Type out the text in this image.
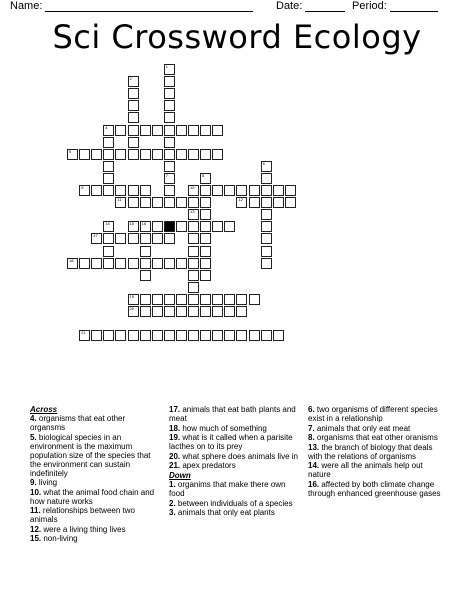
Name:	Date:	Period:
Sci Crossword Ecology
1
2
4
5
6
7	8
9	10
11	12
13
14	15 16
17
18
19
20
21
Across
4. organisms that eat other organsms
5. biological species in an environment is the maximum population size of the species that the environment can sustain indefinitely
9. living
10. what the animal food chain and how nature works
11. relationships between two animals
12. were a living thing lives
15. non-living
17. animals that eat bath plants and meat
18. how much of something
19. what is it called when a parisite lacthes on to its prey
20. what sphere does animals live in
21. apex predators
Down
1. organims that make there own food
2. between individuals of a species
3. animals that only eat plants
6. two organisms of different species exist in a relationship
7. animals that only eat meat
8. organisms that eat other oranisms
13. the branch of biology that deals with the relations of organisms
14. were all the animals help out nature
16. affected by both climate change through enhanced greenhouse gases
